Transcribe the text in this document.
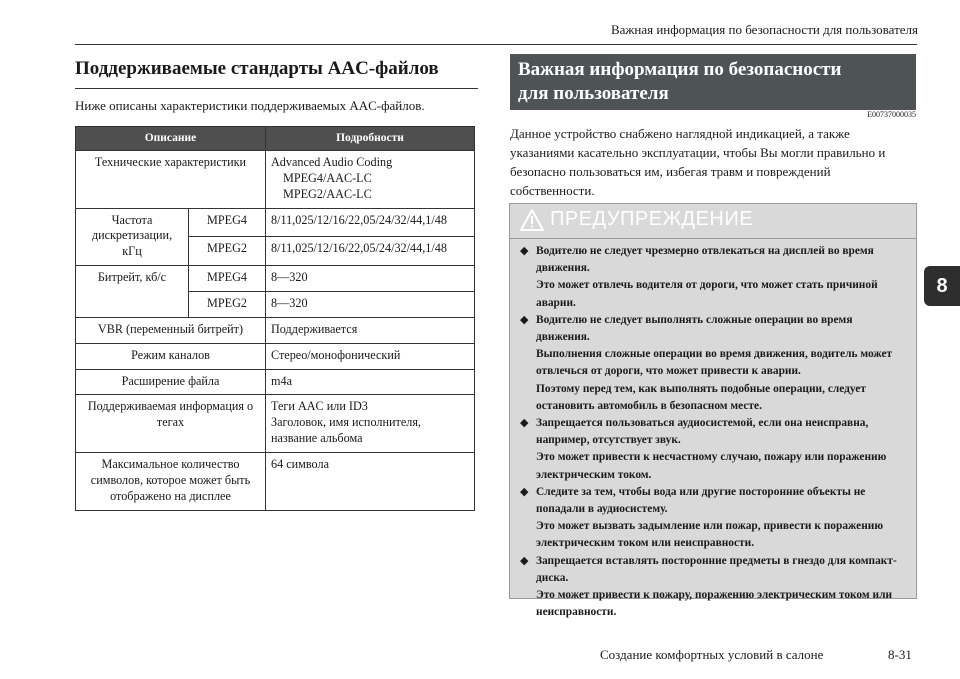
Важная информация по безопасности для пользователя
Поддерживаемые стандарты AAC-файлов
Ниже описаны характеристики поддерживаемых AAC-файлов.
Описание		Подробности
Технические характеристики		Advanced Audio Coding
MPEG4/AAC-LC
MPEG2/AAC-LC

Частота дискретизации, кГц	MPEG4	8/11,025/12/16/22,05/24/32/44,1/48
	MPEG2	8/11,025/12/16/22,05/24/32/44,1/48
Битрейт, кб/с	MPEG4	8—320
	MPEG2	8—320
VBR (переменный битрейт)		Поддерживается
Режим каналов		Стерео/монофонический
Расширение файла		m4a
Поддерживаемая информация о тегах		Теги AAC или ID3
Заголовок, имя исполнителя, название альбома

Максимальное количество символов, которое может быть отображено на дисплее		64 символа
Важная информация по безопасности
для пользователя
E00737000035
Данное устройство снабжено наглядной индикацией, а также указаниями касательно эксплуатации, чтобы Вы могли правильно и безопасно пользоваться им, избегая травм и повреждений собственности.
ПРЕДУПРЕЖДЕНИЕ
◆ Водителю не следует чрезмерно отвлекаться на дисплей во время движения.

Это может отвлечь водителя от дороги, что может стать причиной аварии.

◆ Водителю не следует выполнять сложные операции во время движения.

Выполнения сложные операции во время движения, водитель может отвлечься от дороги, что может привести к аварии.

Поэтому перед тем, как выполнять подобные операции, следует остановить автомобиль в безопасном месте.

◆ Запрещается пользоваться аудиосистемой, если она неисправна, например, отсутствует звук.

Это может привести к несчастному случаю, пожару или поражению электрическим током.

◆ Следите за тем, чтобы вода или другие посторонние объекты не попадали в аудиосистему.

Это может вызвать задымление или пожар, привести к поражению электрическим током или неисправности.

◆ Запрещается вставлять посторонние предметы в гнездо для компакт-диска.

Это может привести к пожару, поражению электрическим током или неисправности.

8
Создание комфортных условий в салоне	8-31
